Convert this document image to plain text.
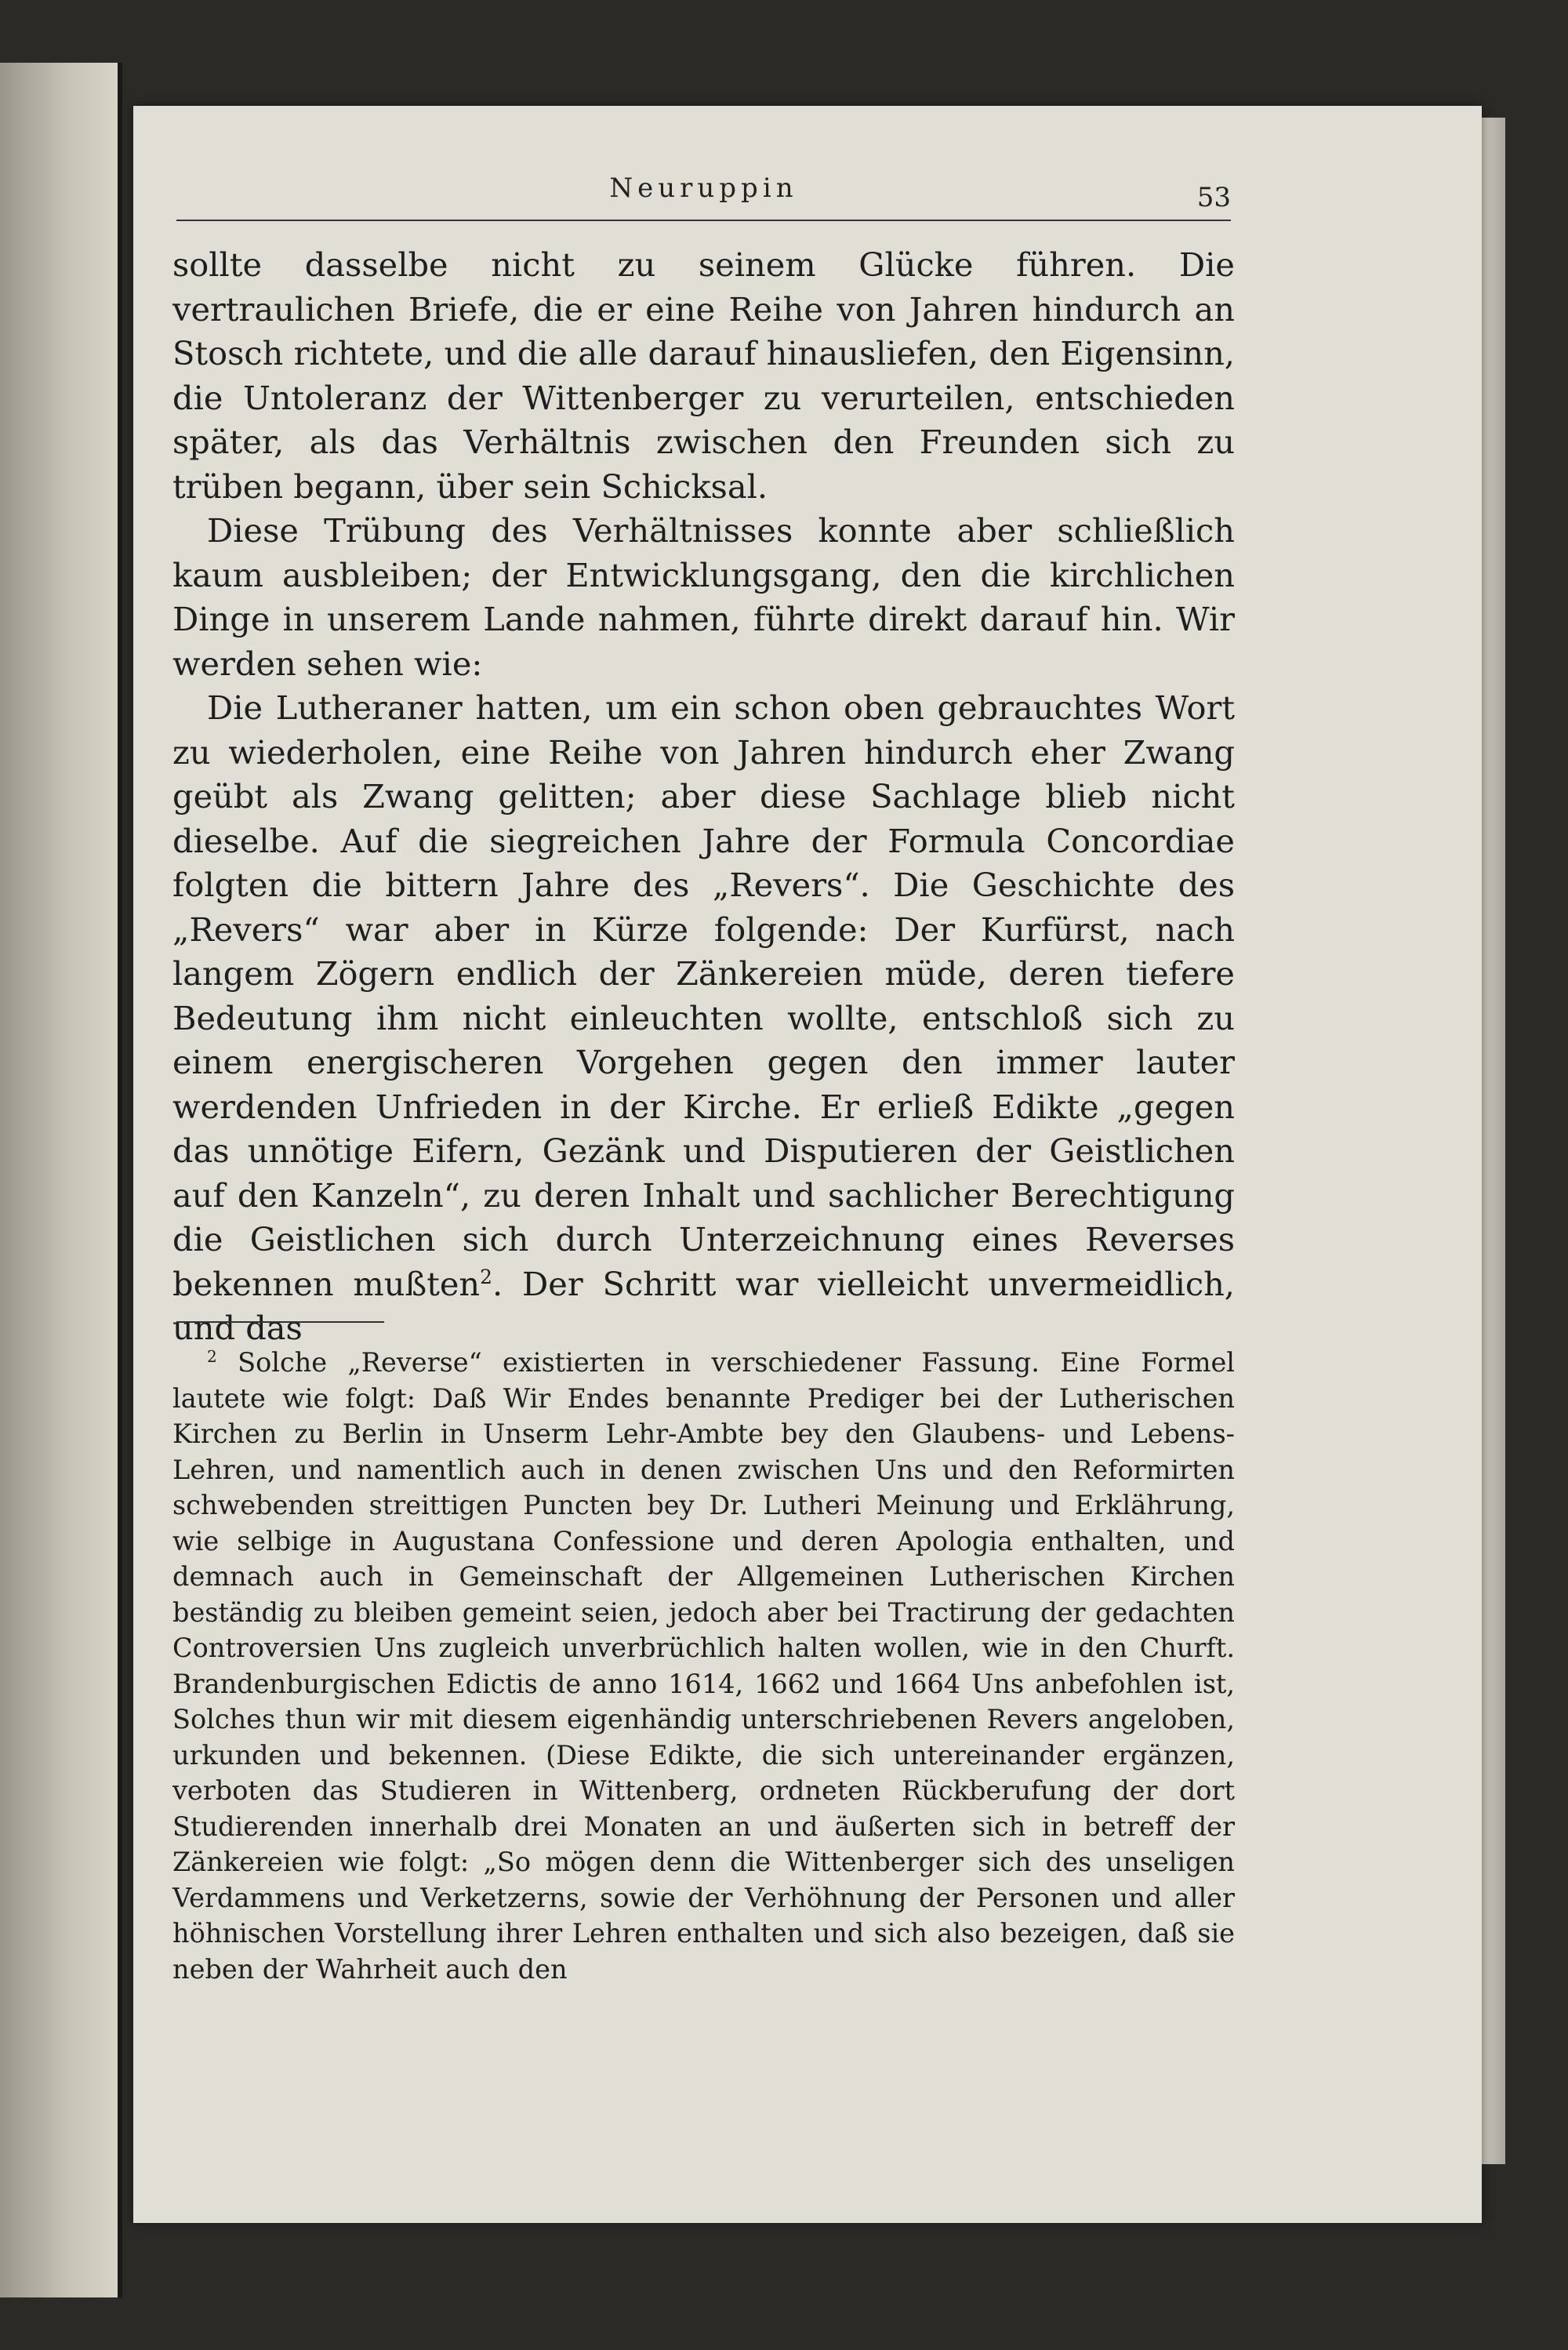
Neuruppin	53

sollte dasselbe nicht zu seinem Glücke führen. Die vertraulichen Briefe, die er eine Reihe von Jahren hindurch an Stosch richtete, und die alle darauf hinausliefen, den Eigensinn, die Untoleranz der Wittenberger zu verurteilen, entschieden später, als das Verhältnis zwischen den Freunden sich zu trüben begann, über sein Schicksal.

Diese Trübung des Verhältnisses konnte aber schließlich kaum ausbleiben; der Entwicklungsgang, den die kirchlichen Dinge in unserem Lande nahmen, führte direkt darauf hin. Wir werden sehen wie:

Die Lutheraner hatten, um ein schon oben gebrauchtes Wort zu wiederholen, eine Reihe von Jahren hindurch eher Zwang geübt als Zwang gelitten; aber diese Sachlage blieb nicht dieselbe. Auf die siegreichen Jahre der Formula Concordiae folgten die bittern Jahre des „Revers“. Die Geschichte des „Revers“ war aber in Kürze folgende: Der Kurfürst, nach langem Zögern endlich der Zänkereien müde, deren tiefere Bedeutung ihm nicht einleuchten wollte, entschloß sich zu einem energischeren Vorgehen gegen den immer lauter werdenden Unfrieden in der Kirche. Er erließ Edikte „gegen das unnötige Eifern, Gezänk und Disputieren der Geistlichen auf den Kanzeln“, zu deren Inhalt und sachlicher Berechtigung die Geistlichen sich durch Unterzeichnung eines Reverses bekennen mußten$^2$. Der Schritt war vielleicht unvermeidlich, und das

$^2$ Solche „Reverse“ existierten in verschiedener Fassung. Eine Formel lautete wie folgt: Daß Wir Endes benannte Prediger bei der Lutherischen Kirchen zu Berlin in Unserm Lehr-Ambte bey den Glaubens- und Lebens-Lehren, und namentlich auch in denen zwischen Uns und den Reformirten schwebenden streittigen Puncten bey Dr. Lutheri Meinung und Erklährung, wie selbige in Augustana Confessione und deren Apologia enthalten, und demnach auch in Gemeinschaft der Allgemeinen Lutherischen Kirchen beständig zu bleiben gemeint seien, jedoch aber bei Tractirung der gedachten Controversien Uns zugleich unverbrüchlich halten wollen, wie in den Churft. Brandenburgischen Edictis de anno 1614, 1662 und 1664 Uns anbefohlen ist, Solches thun wir mit diesem eigenhändig unterschriebenen Revers angeloben, urkunden und bekennen. (Diese Edikte, die sich untereinander ergänzen, verboten das Studieren in Wittenberg, ordneten Rückberufung der dort Studierenden innerhalb drei Monaten an und äußerten sich in betreff der Zänkereien wie folgt: „So mögen denn die Wittenberger sich des unseligen Verdammens und Verketzerns, sowie der Verhöhnung der Personen und aller höhnischen Vorstellung ihrer Lehren enthalten und sich also bezeigen, daß sie neben der Wahrheit auch den
